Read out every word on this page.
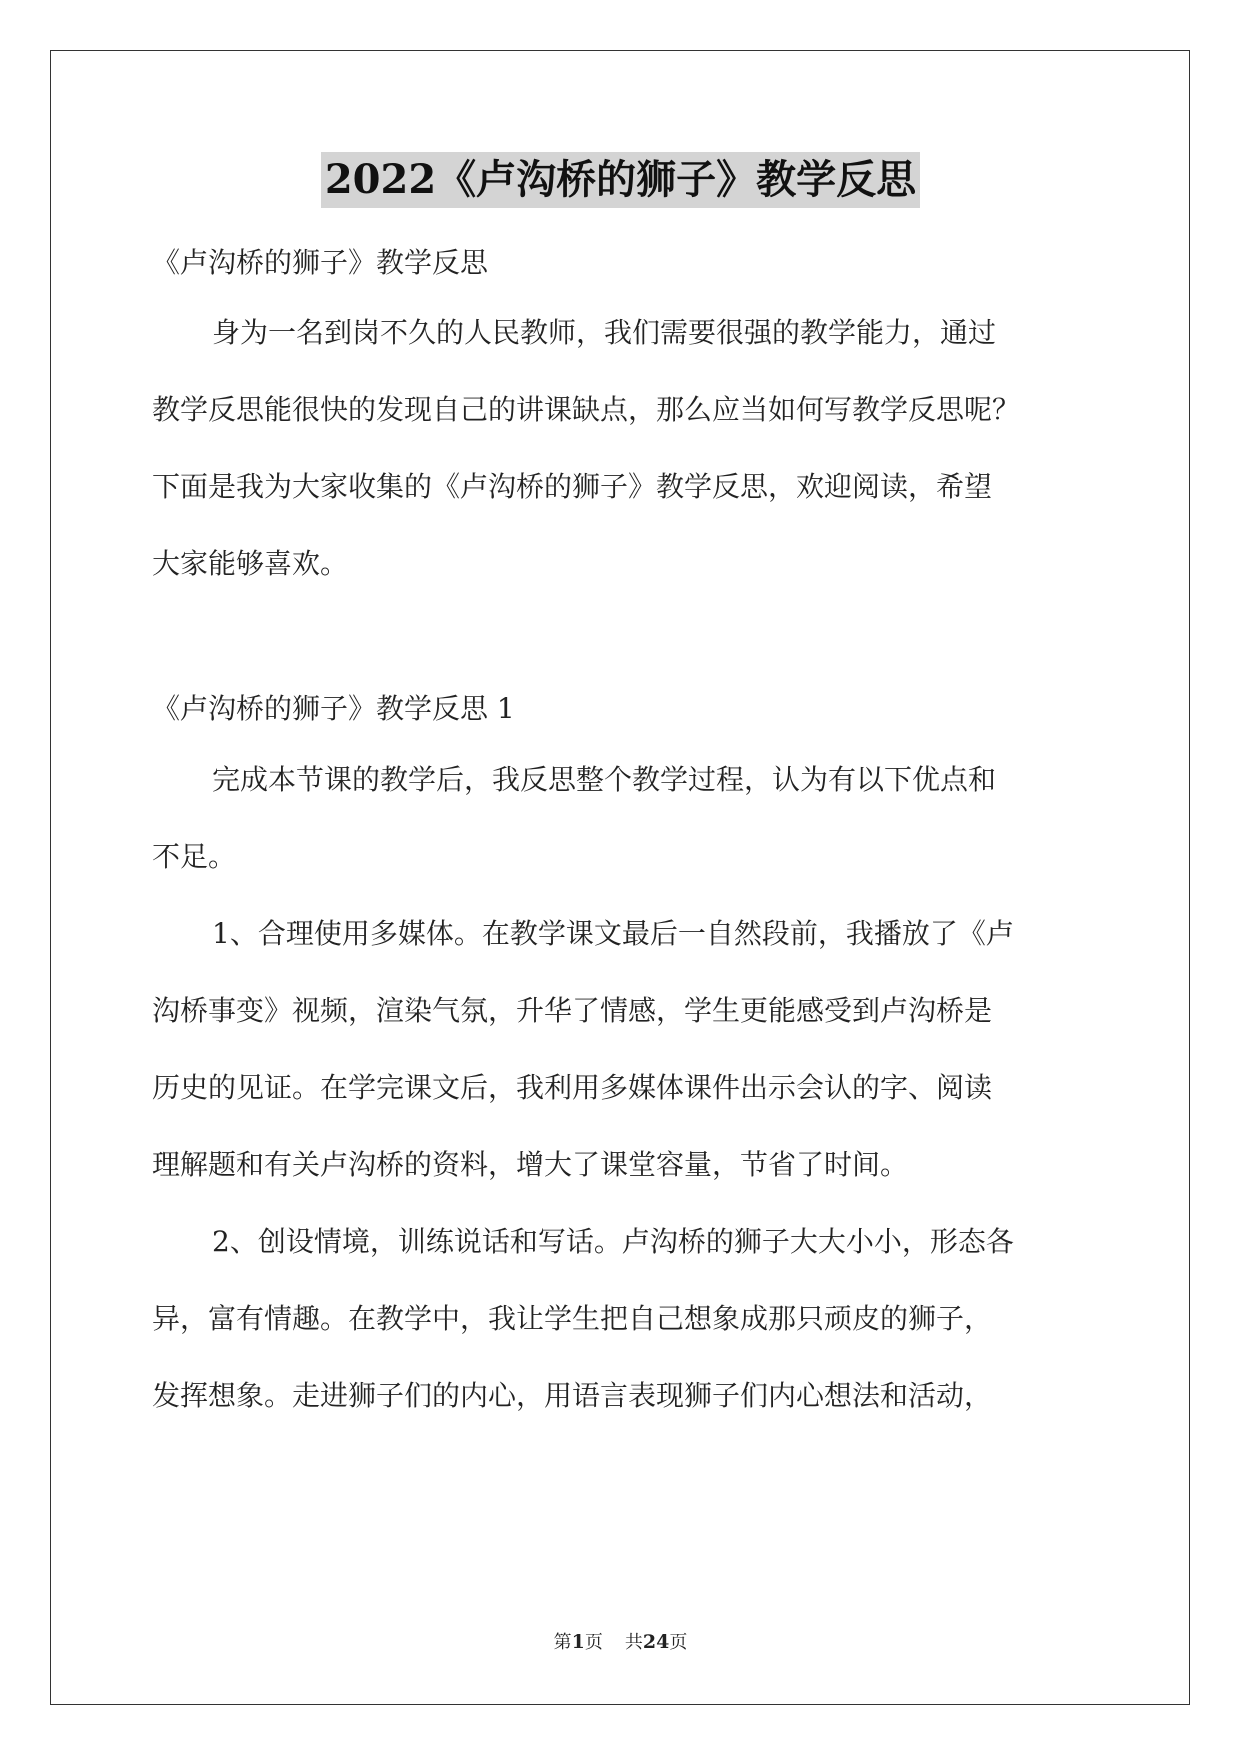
2022《卢沟桥的狮子》教学反思
《卢沟桥的狮子》教学反思
身为一名到岗不久的人民教师，我们需要很强的教学能力，通过
教学反思能很快的发现自己的讲课缺点，那么应当如何写教学反思呢？
下面是我为大家收集的《卢沟桥的狮子》教学反思，欢迎阅读，希望
大家能够喜欢。
《卢沟桥的狮子》教学反思 1
完成本节课的教学后，我反思整个教学过程，认为有以下优点和
不足。
1、合理使用多媒体。在教学课文最后一自然段前，我播放了《卢
沟桥事变》视频，渲染气氛，升华了情感，学生更能感受到卢沟桥是
历史的见证。在学完课文后，我利用多媒体课件出示会认的字、阅读
理解题和有关卢沟桥的资料，增大了课堂容量，节省了时间。
2、创设情境，训练说话和写话。卢沟桥的狮子大大小小，形态各
异，富有情趣。在教学中，我让学生把自己想象成那只顽皮的狮子，
发挥想象。走进狮子们的内心，用语言表现狮子们内心想法和活动，
第1页 共24页
